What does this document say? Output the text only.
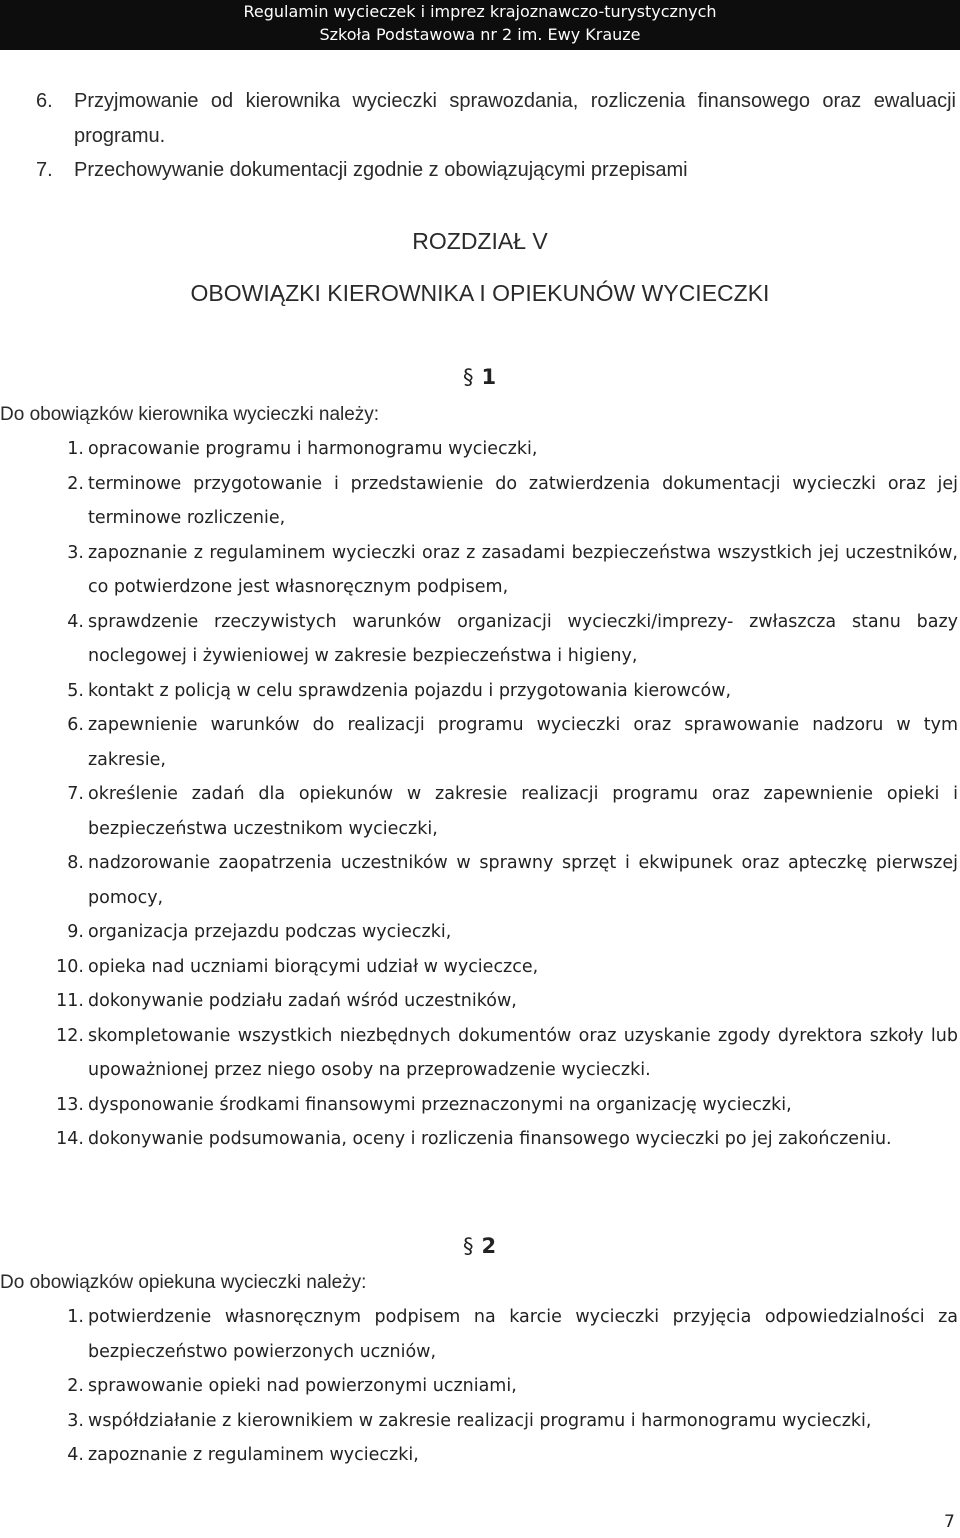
Regulamin wycieczek i imprez krajoznawczo-turystycznych
Szkoła Podstawowa nr 2 im. Ewy Krauze
6. Przyjmowanie od kierownika wycieczki sprawozdania, rozliczenia finansowego oraz ewaluacji programu.
7. Przechowywanie dokumentacji zgodnie z obowiązującymi przepisami
ROZDZIAŁ V
OBOWIĄZKI KIEROWNIKA I OPIEKUNÓW WYCIECZKI
§ 1
Do obowiązków kierownika wycieczki należy:
1. opracowanie programu i harmonogramu wycieczki,
2. terminowe przygotowanie i przedstawienie do zatwierdzenia dokumentacji wycieczki oraz jej terminowe rozliczenie,
3. zapoznanie z regulaminem wycieczki oraz z zasadami bezpieczeństwa wszystkich jej uczestników, co potwierdzone jest własnoręcznym podpisem,
4. sprawdzenie rzeczywistych warunków organizacji wycieczki/imprezy- zwłaszcza stanu bazy noclegowej i żywieniowej w zakresie bezpieczeństwa i higieny,
5. kontakt z policją w celu sprawdzenia pojazdu i przygotowania kierowców,
6. zapewnienie warunków do realizacji programu wycieczki oraz sprawowanie nadzoru w tym zakresie,
7. określenie zadań dla opiekunów w zakresie realizacji programu oraz zapewnienie opieki i bezpieczeństwa uczestnikom wycieczki,
8. nadzorowanie zaopatrzenia uczestników w sprawny sprzęt i ekwipunek oraz apteczkę pierwszej pomocy,
9. organizacja przejazdu podczas wycieczki,
10. opieka nad uczniami biorącymi udział w wycieczce,
11. dokonywanie podziału zadań wśród uczestników,
12. skompletowanie wszystkich niezbędnych dokumentów oraz uzyskanie zgody dyrektora szkoły lub upoważnionej przez niego osoby na przeprowadzenie wycieczki.
13. dysponowanie środkami finansowymi przeznaczonymi na organizację wycieczki,
14. dokonywanie podsumowania, oceny i rozliczenia finansowego wycieczki po jej zakończeniu.
§ 2
Do obowiązków opiekuna wycieczki należy:
1. potwierdzenie własnoręcznym podpisem na karcie wycieczki przyjęcia odpowiedzialności za bezpieczeństwo powierzonych uczniów,
2. sprawowanie opieki nad powierzonymi uczniami,
3. współdziałanie z kierownikiem w zakresie realizacji programu i harmonogramu wycieczki,
4. zapoznanie z regulaminem wycieczki,
7
